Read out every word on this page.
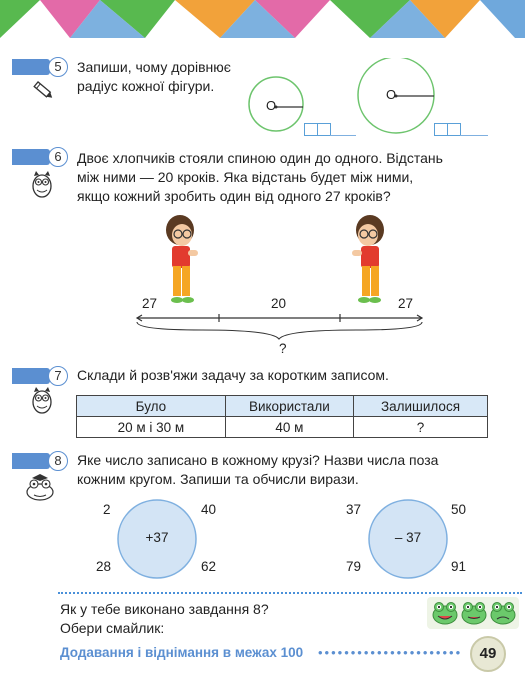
5	Запиши, чому дорівнює
радіус кожної фігури.
O
O
6	Двоє хлопчиків стояли спиною один до одного. Відстань
між ними — 20 кроків. Яка відстань будет між ними,
якщо кожний зробить один від одного 27 кроків?
27	20	27
?
7	Склади й розв'яжи задачу за коротким записом.
Було	Використали	Залишилося
20 м і 30 м	40 м	?
8	Яке число записано в кожному крузі? Назви числа поза
кожним кругом. Запиши та обчисли вирази.
+37
2	40
28	62
– 37
37	50
79	91
Як у тебе виконано завдання 8?
Обери смайлик:
Додавання і віднімання в межах 100 ••••••••••••••••••••••	49
